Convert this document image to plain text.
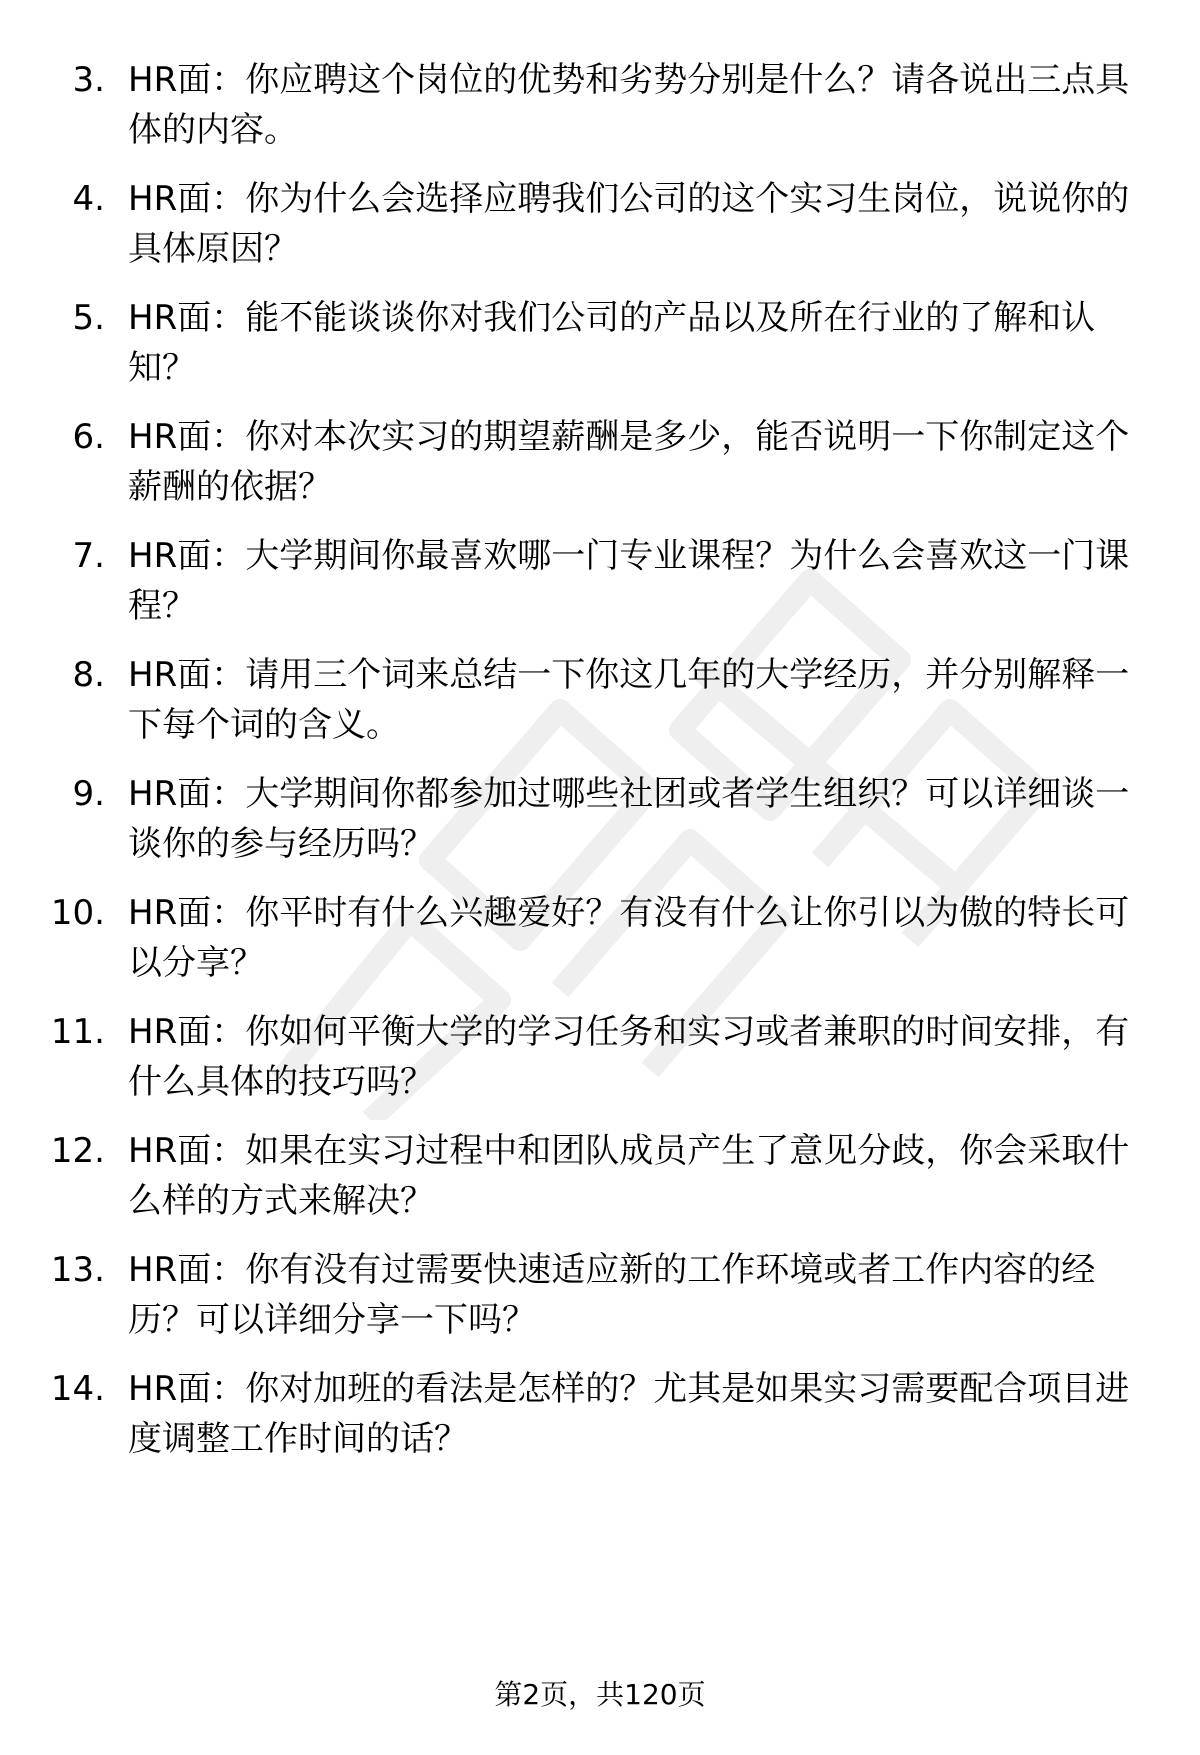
3. HR面：你应聘这个岗位的优势和劣势分别是什么？请各说出三点具体的内容。
4. HR面：你为什么会选择应聘我们公司的这个实习生岗位，说说你的具体原因？
5. HR面：能不能谈谈你对我们公司的产品以及所在行业的了解和认知？
6. HR面：你对本次实习的期望薪酬是多少，能否说明一下你制定这个薪酬的依据？
7. HR面：大学期间你最喜欢哪一门专业课程？为什么会喜欢这一门课程？
8. HR面：请用三个词来总结一下你这几年的大学经历，并分别解释一下每个词的含义。
9. HR面：大学期间你都参加过哪些社团或者学生组织？可以详细谈一谈你的参与经历吗？
10. HR面：你平时有什么兴趣爱好？有没有什么让你引以为傲的特长可以分享？
11. HR面：你如何平衡大学的学习任务和实习或者兼职的时间安排，有什么具体的技巧吗？
12. HR面：如果在实习过程中和团队成员产生了意见分歧，你会采取什么样的方式来解决？
13. HR面：你有没有过需要快速适应新的工作环境或者工作内容的经历？可以详细分享一下吗？
14. HR面：你对加班的看法是怎样的？尤其是如果实习需要配合项目进度调整工作时间的话？
第2页，共120页
